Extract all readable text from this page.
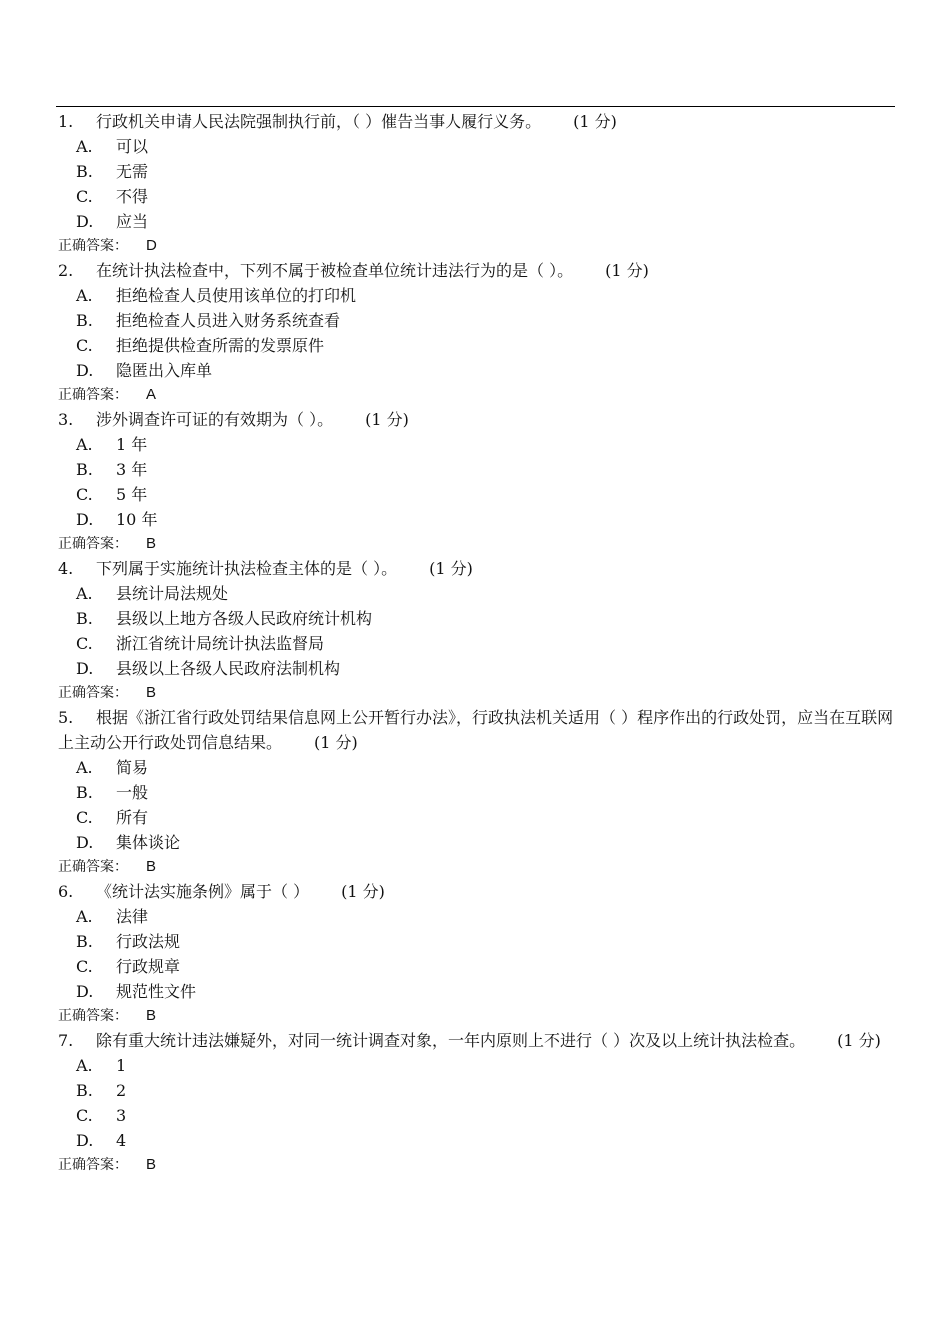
1. 行政机关申请人民法院强制执行前，（ ）催告当事人履行义务。 (1 分)

A. 可以
B. 无需
C. 不得
D. 应当
正确答案： D

2. 在统计执法检查中，下列不属于被检查单位统计违法行为的是（ ）。 (1 分)

A. 拒绝检查人员使用该单位的打印机
B. 拒绝检查人员进入财务系统查看
C. 拒绝提供检查所需的发票原件
D. 隐匿出入库单
正确答案： A

3. 涉外调查许可证的有效期为（ ）。 (1 分)

A. 1 年
B. 3 年
C. 5 年
D. 10 年
正确答案： B

4. 下列属于实施统计执法检查主体的是（ ）。 (1 分)

A. 县统计局法规处
B. 县级以上地方各级人民政府统计机构
C. 浙江省统计局统计执法监督局
D. 县级以上各级人民政府法制机构
正确答案： B

5. 根据《浙江省行政处罚结果信息网上公开暂行办法》，行政执法机关适用（ ）程序作出的行政处罚，应当在互联网上主动公开行政处罚信息结果。 (1 分)

A. 简易
B. 一般
C. 所有
D. 集体谈论
正确答案： B

6. 《统计法实施条例》属于（ ） (1 分)

A. 法律
B. 行政法规
C. 行政规章
D. 规范性文件
正确答案： B

7. 除有重大统计违法嫌疑外，对同一统计调查对象，一年内原则上不进行（ ）次及以上统计执法检查。 (1 分)

A. 1
B. 2
C. 3
D. 4
正确答案： B
